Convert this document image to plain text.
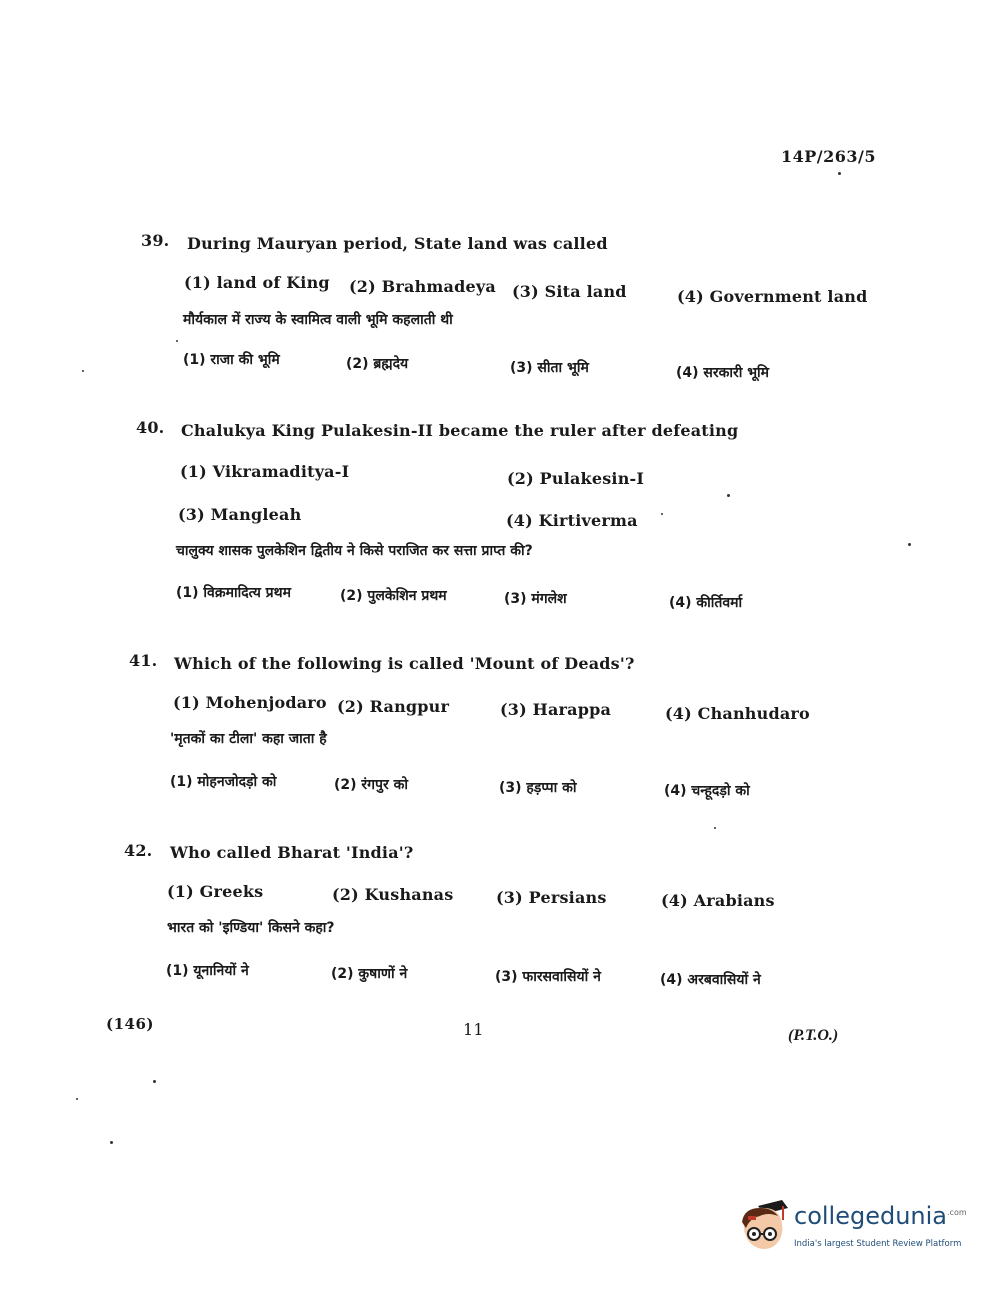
14P/263/5
39. During Mauryan period, State land was called
(1) land of King (2) Brahmadeya (3) Sita land	(4) Government land
मौर्यकाल में राज्य के स्वामित्व वाली भूमि कहलाती थी
(1) राजा की भूमि	(2) ब्रह्मदेय	(3) सीता भूमि	(4) सरकारी भूमि
40. Chalukya King Pulakesin-II became the ruler after defeating
(1) Vikramaditya-I	(2) Pulakesin-I
(3) Mangleah	(4) Kirtiverma
चालुक्य शासक पुलकेशिन द्वितीय ने किसे पराजित कर सत्ता प्राप्त की?
(1) विक्रमादित्य प्रथम	(2) पुलकेशिन प्रथम	(3) मंगलेश	(4) कीर्तिवर्मा
41. Which of the following is called 'Mount of Deads'?
(1) Mohenjodaro (2) Rangpur	(3) Harappa	(4) Chanhudaro
'मृतकों का टीला' कहा जाता है
(1) मोहनजोदड़ो को	(2) रंगपुर को	(3) हड़प्पा को	(4) चन्हूदड़ो को
42. Who called Bharat 'India'?
(1) Greeks	(2) Kushanas	(3) Persians	(4) Arabians
भारत को 'इण्डिया' किसने कहा?
(1) यूनानियों ने	(2) कुषाणों ने	(3) फारसवासियों ने	(4) अरबवासियों ने
(146)	11	(P.T.O.)
collegedunia$^{.com}$
India's largest Student Review Platform
